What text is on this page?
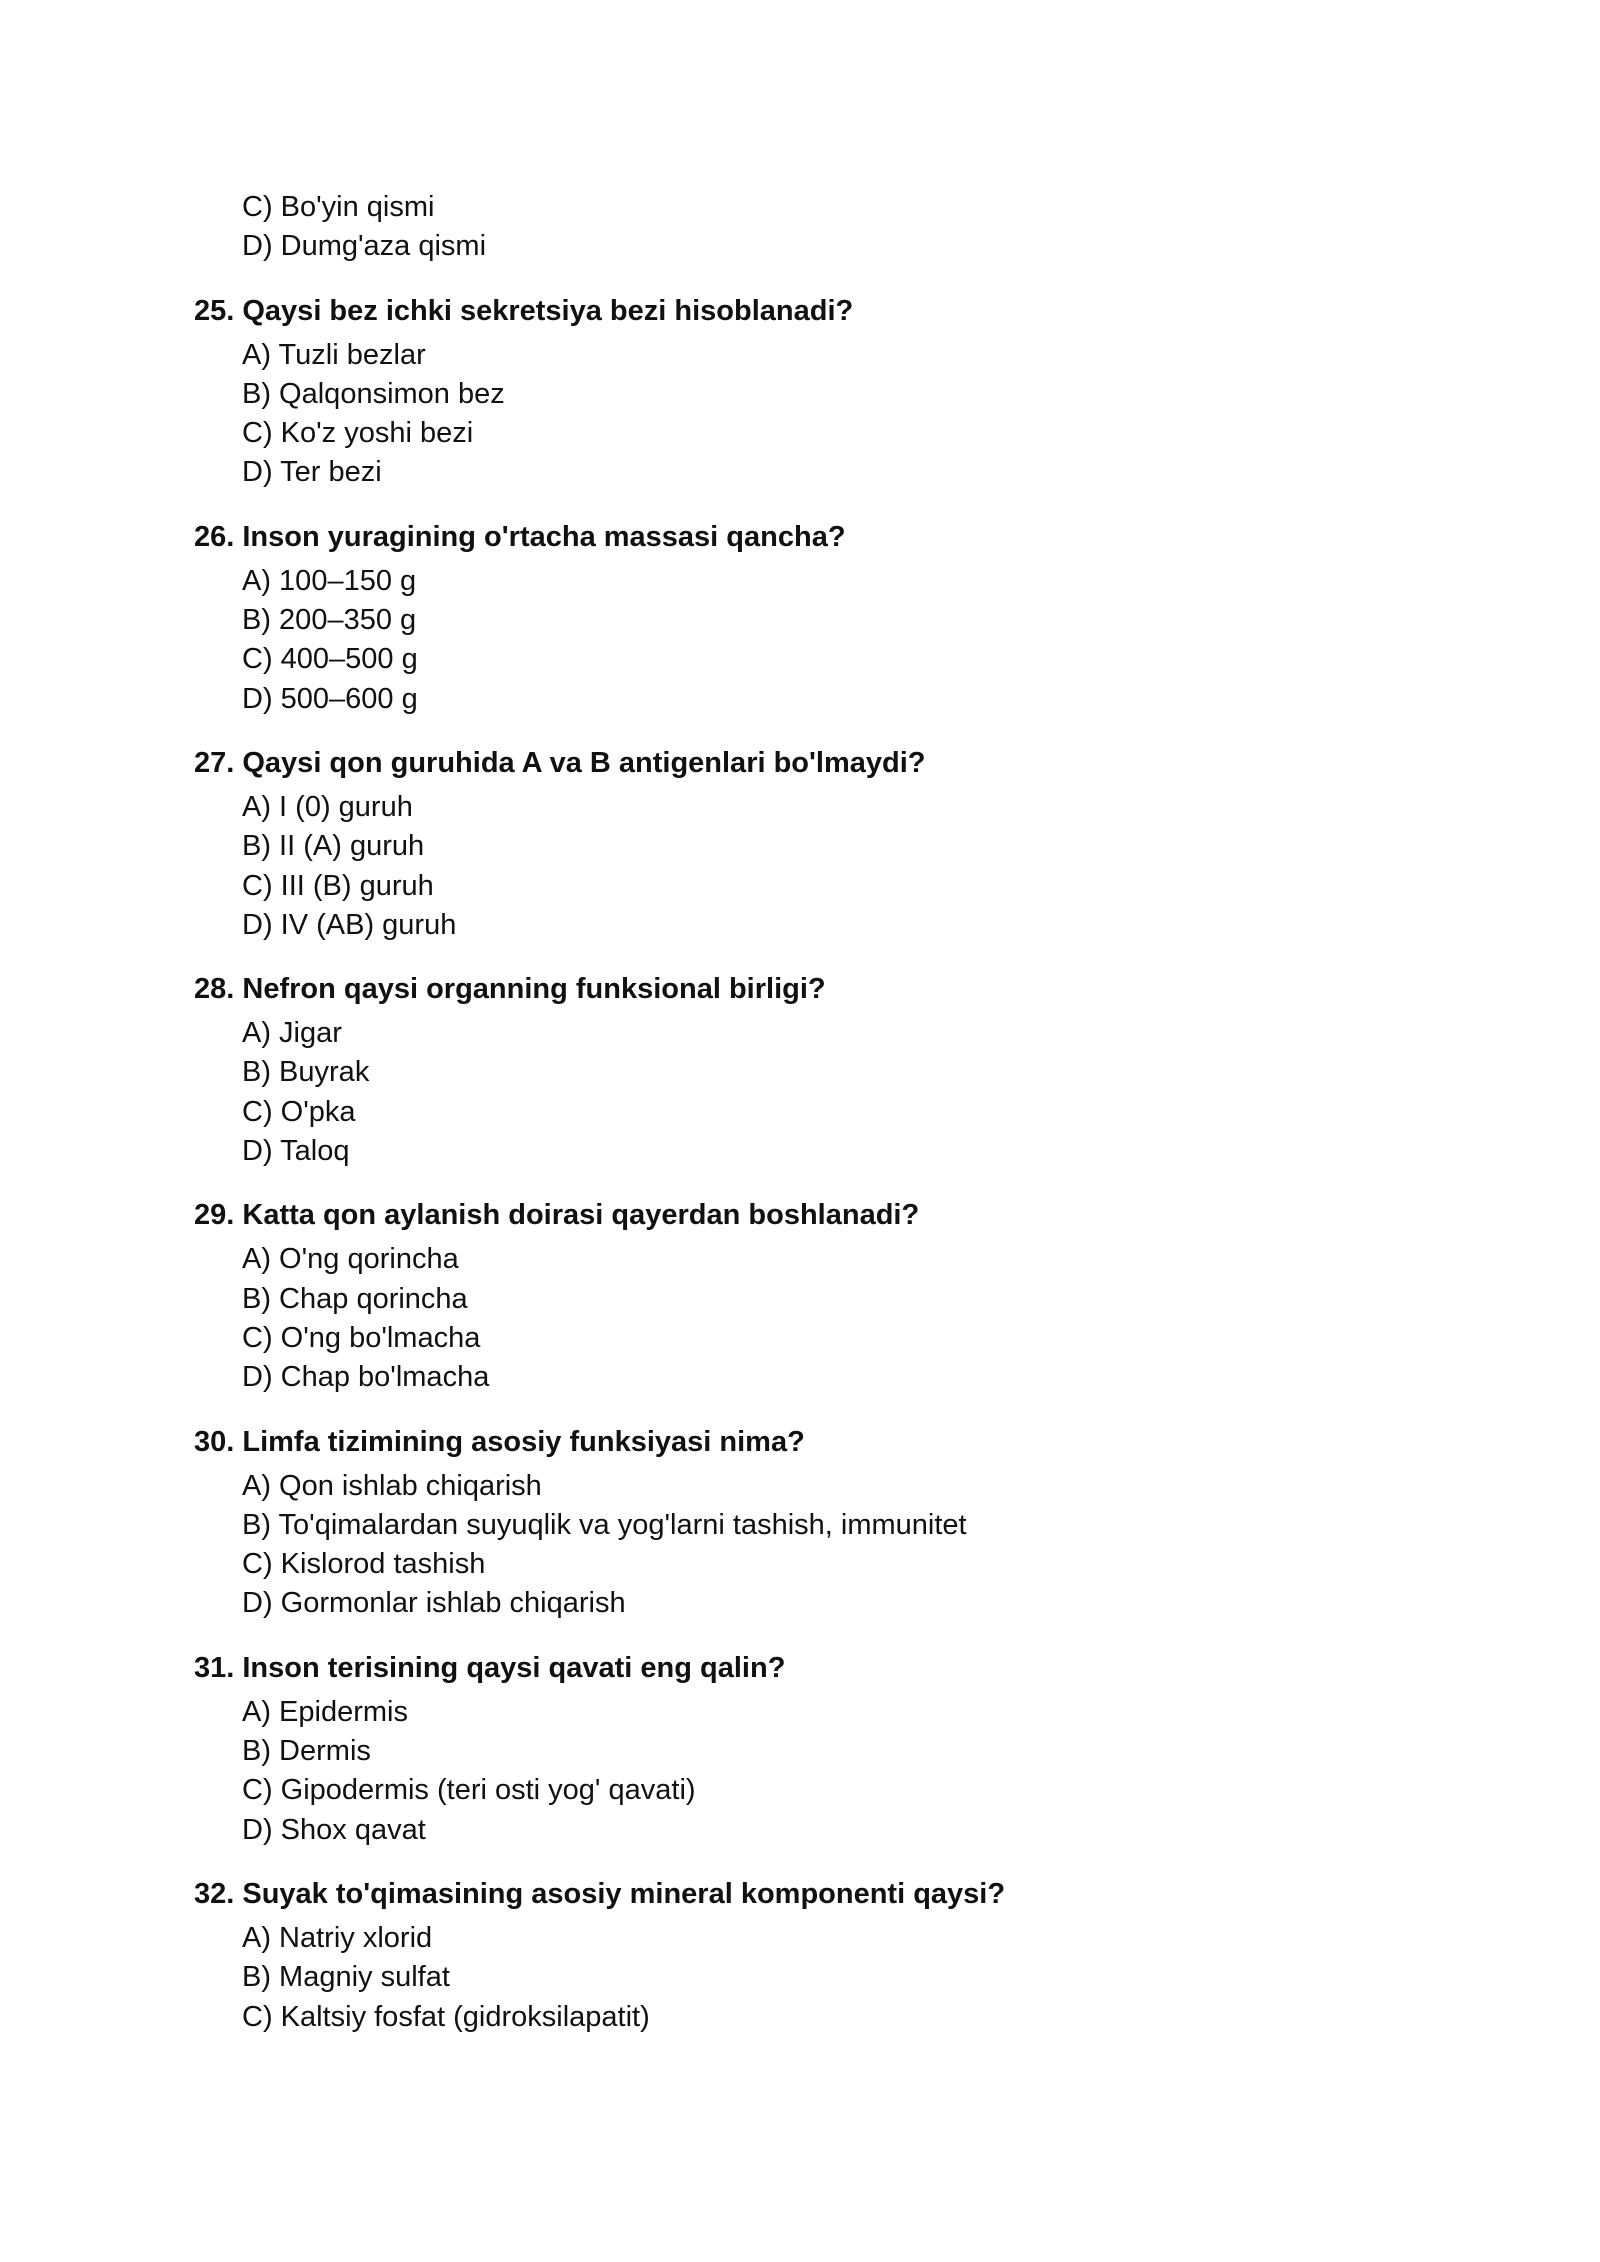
C) Bo'yin qismi
D) Dumg'aza qismi
25. Qaysi bez ichki sekretsiya bezi hisoblanadi?
A) Tuzli bezlar
B) Qalqonsimon bez
C) Ko'z yoshi bezi
D) Ter bezi
26. Inson yuragining o'rtacha massasi qancha?
A) 100–150 g
B) 200–350 g
C) 400–500 g
D) 500–600 g
27. Qaysi qon guruhida A va B antigenlari bo'lmaydi?
A) I (0) guruh
B) II (A) guruh
C) III (B) guruh
D) IV (AB) guruh
28. Nefron qaysi organning funksional birligi?
A) Jigar
B) Buyrak
C) O'pka
D) Taloq
29. Katta qon aylanish doirasi qayerdan boshlanadi?
A) O'ng qorincha
B) Chap qorincha
C) O'ng bo'lmacha
D) Chap bo'lmacha
30. Limfa tizimining asosiy funksiyasi nima?
A) Qon ishlab chiqarish
B) To'qimalardan suyuqlik va yog'larni tashish, immunitet
C) Kislorod tashish
D) Gormonlar ishlab chiqarish
31. Inson terisining qaysi qavati eng qalin?
A) Epidermis
B) Dermis
C) Gipodermis (teri osti yog' qavati)
D) Shox qavat
32. Suyak to'qimasining asosiy mineral komponenti qaysi?
A) Natriy xlorid
B) Magniy sulfat
C) Kaltsiy fosfat (gidroksilapatit)
